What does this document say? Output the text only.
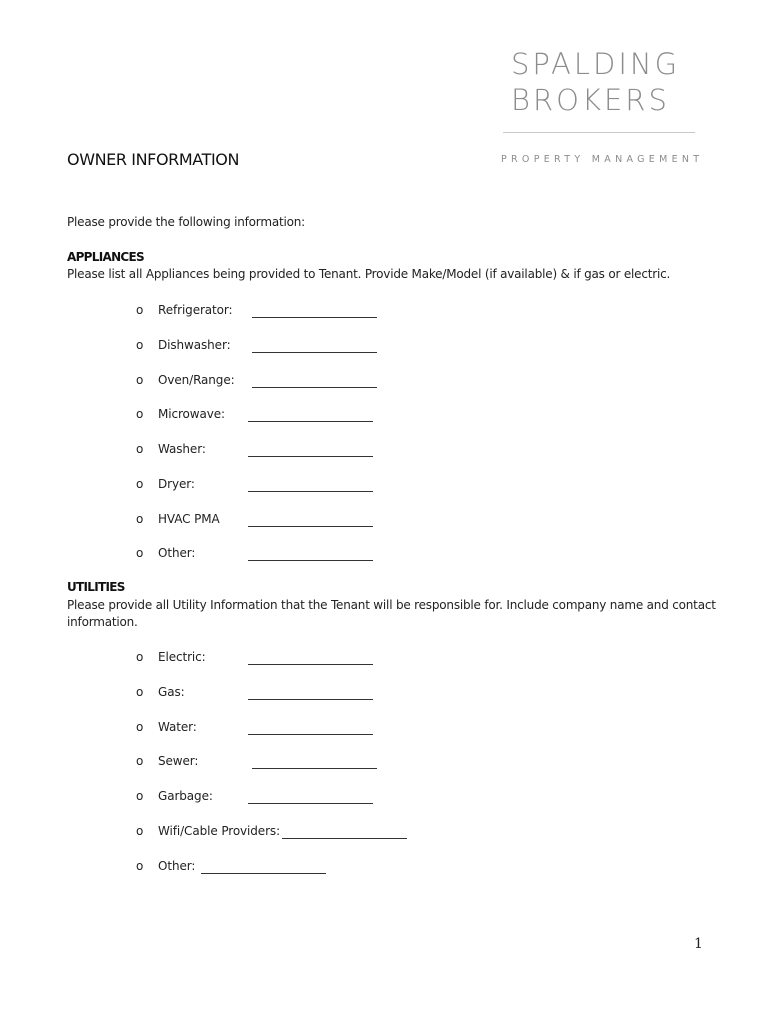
SPALDING
BROKERS
PROPERTY MANAGEMENT
OWNER INFORMATION
Please provide the following information:
APPLIANCES
Please list all Appliances being provided to Tenant. Provide Make/Model (if available) & if gas or electric.
o Refrigerator:
o Dishwasher:
o Oven/Range:
o Microwave:
o Washer:
o Dryer:
o HVAC PMA
o Other:
UTILITIES
Please provide all Utility Information that the Tenant will be responsible for. Include company name and contact
information.
o Electric:
o Gas:
o Water:
o Sewer:
o Garbage:
o Wifi/Cable Providers:
o Other:
1
